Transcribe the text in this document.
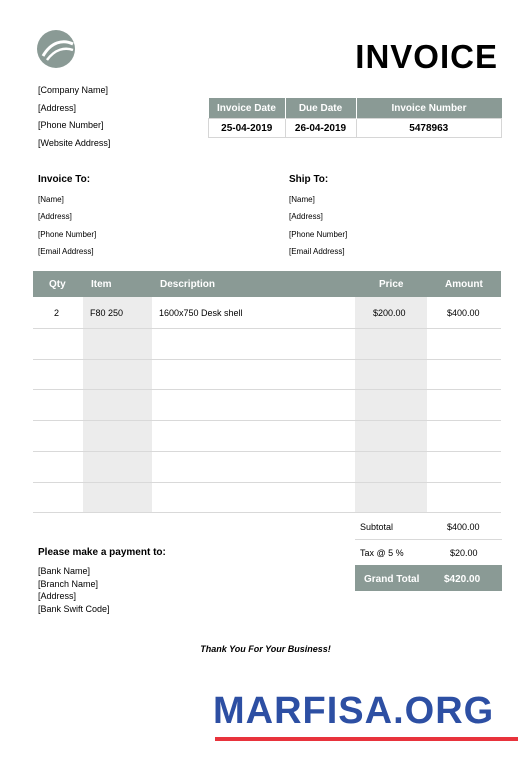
INVOICE
[Company Name]
[Address]
[Phone Number]
[Website Address]
Invoice Date	Due Date	Invoice Number
25-04-2019	26-04-2019	5478963
Invoice To:
[Name]
[Address]
[Phone Number]
[Email Address]
Ship To:
[Name]
[Address]
[Phone Number]
[Email Address]
Qty	Item	Description	Price	Amount
2	F80 250	1600x750 Desk shell	$200.00	$400.00
Subtotal	$400.00
Tax @ 5 %	$20.00
Grand Total $420.00
Please make a payment to:
[Bank Name]
[Branch Name]
[Address]
[Bank Swift Code]
Thank You For Your Business!
MARFISA.ORG
